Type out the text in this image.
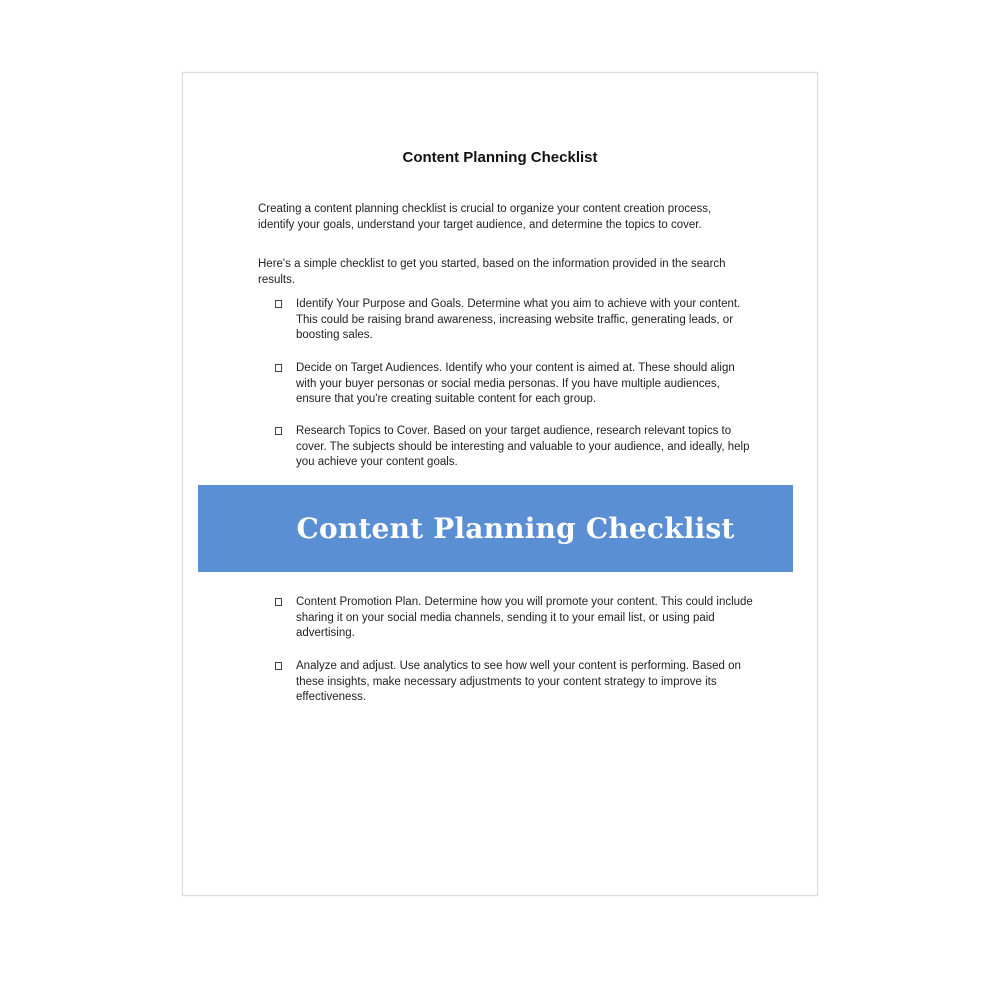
Content Planning Checklist

Creating a content planning checklist is crucial to organize your content creation process, identify your goals, understand your target audience, and determine the topics to cover.

Here's a simple checklist to get you started, based on the information provided in the search results.

Identify Your Purpose and Goals. Determine what you aim to achieve with your content. This could be raising brand awareness, increasing website traffic, generating leads, or boosting sales.
Decide on Target Audiences. Identify who your content is aimed at. These should align with your buyer personas or social media personas. If you have multiple audiences, ensure that you're creating suitable content for each group.
Research Topics to Cover. Based on your target audience, research relevant topics to cover. The subjects should be interesting and valuable to your audience, and ideally, help you achieve your content goals.
Content Promotion Plan. Determine how you will promote your content. This could include sharing it on your social media channels, sending it to your email list, or using paid advertising.
Analyze and adjust. Use analytics to see how well your content is performing. Based on these insights, make necessary adjustments to your content strategy to improve its effectiveness.
Content Planning Checklist
